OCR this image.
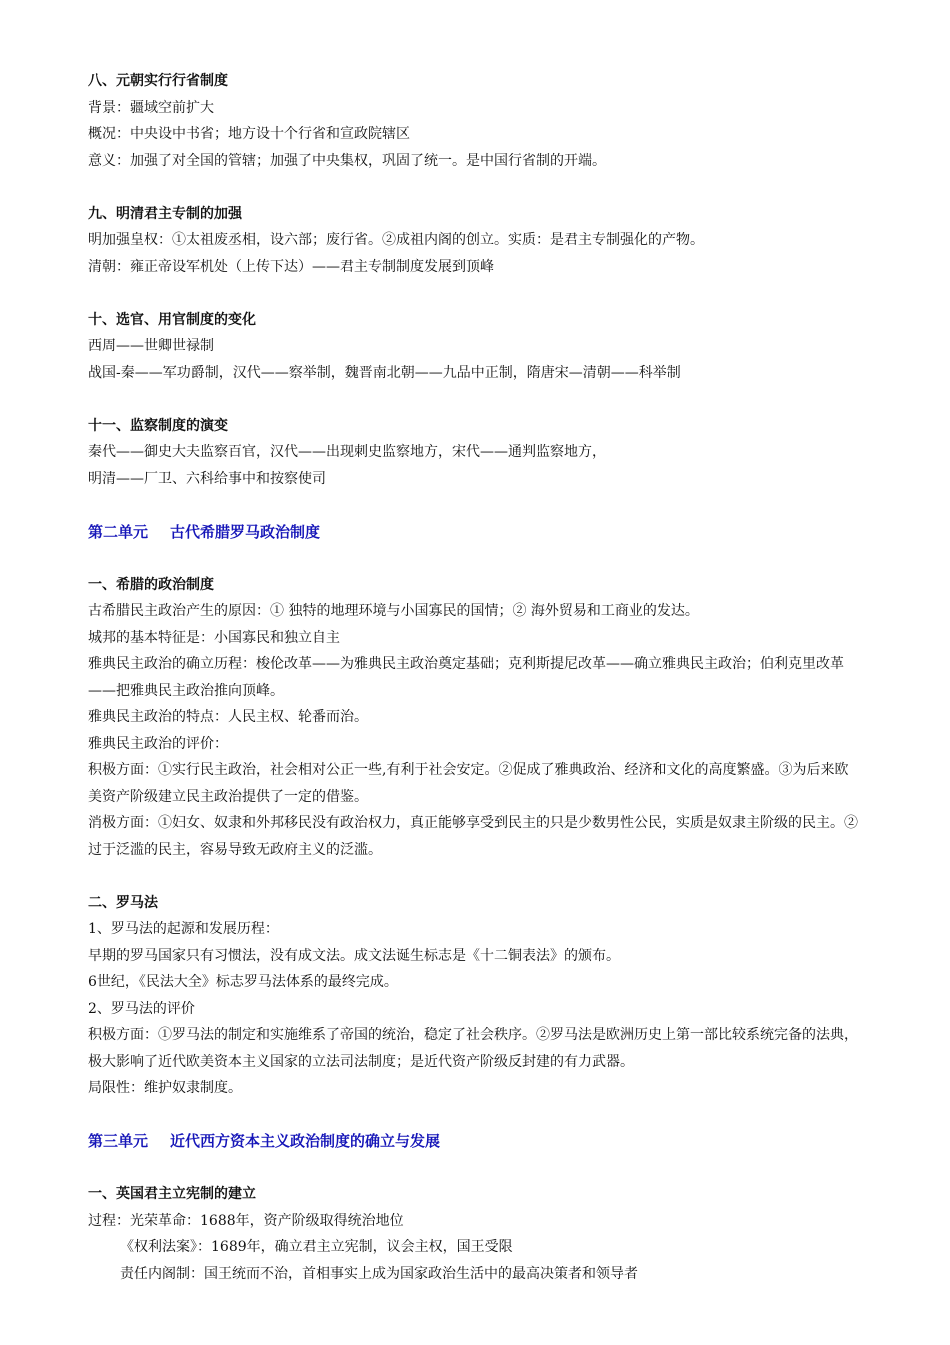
八、元朝实行行省制度

背景：疆域空前扩大

概况：中央设中书省；地方设十个行省和宣政院辖区

意义：加强了对全国的管辖；加强了中央集权，巩固了统一。是中国行省制的开端。

九、明清君主专制的加强

明加强皇权：①太祖废丞相，设六部；废行省。②成祖内阁的创立。实质：是君主专制强化的产物。

清朝：雍正帝设军机处（上传下达）——君主专制制度发展到顶峰

十、选官、用官制度的变化

西周——世卿世禄制

战国-秦——军功爵制，汉代——察举制，魏晋南北朝——九品中正制，隋唐宋—清朝——科举制

十一、监察制度的演变

秦代——御史大夫监察百官，汉代——出现刺史监察地方，宋代——通判监察地方，

明清——厂卫、六科给事中和按察使司

第二单元 古代希腊罗马政治制度

一、希腊的政治制度

古希腊民主政治产生的原因：① 独特的地理环境与小国寡民的国情；② 海外贸易和工商业的发达。

城邦的基本特征是：小国寡民和独立自主

雅典民主政治的确立历程：梭伦改革——为雅典民主政治奠定基础；克利斯提尼改革——确立雅典民主政治；伯利克里改革——把雅典民主政治推向顶峰。

雅典民主政治的特点：人民主权、轮番而治。

雅典民主政治的评价：

积极方面：①实行民主政治，社会相对公正一些,有利于社会安定。②促成了雅典政治、经济和文化的高度繁盛。③为后来欧美资产阶级建立民主政治提供了一定的借鉴。

消极方面：①妇女、奴隶和外邦移民没有政治权力，真正能够享受到民主的只是少数男性公民，实质是奴隶主阶级的民主。②过于泛滥的民主，容易导致无政府主义的泛滥。

二、罗马法

1、罗马法的起源和发展历程：

早期的罗马国家只有习惯法，没有成文法。成文法诞生标志是《十二铜表法》的颁布。

6世纪，《民法大全》标志罗马法体系的最终完成。

2、罗马法的评价

积极方面：①罗马法的制定和实施维系了帝国的统治，稳定了社会秩序。②罗马法是欧洲历史上第一部比较系统完备的法典，极大影响了近代欧美资本主义国家的立法司法制度；是近代资产阶级反封建的有力武器。

局限性：维护奴隶制度。

第三单元 近代西方资本主义政治制度的确立与发展

一、英国君主立宪制的建立

过程：光荣革命：1688年，资产阶级取得统治地位

《权利法案》：1689年，确立君主立宪制，议会主权，国王受限

责任内阁制：国王统而不治，首相事实上成为国家政治生活中的最高决策者和领导者
